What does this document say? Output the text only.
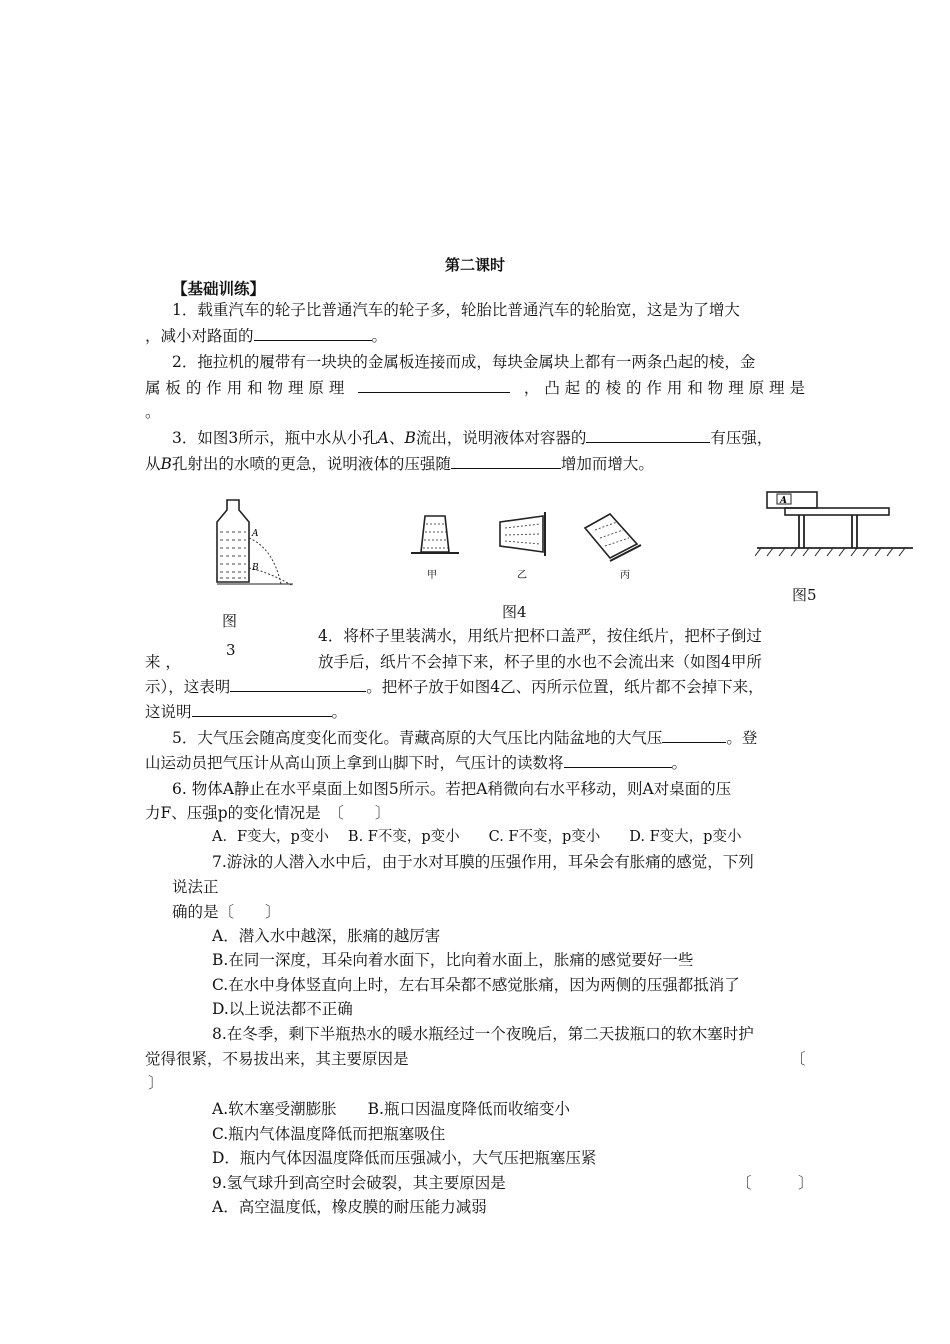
第二课时
【基础训练】
1．载重汽车的轮子比普通汽车的轮子多，轮胎比普通汽车的轮胎宽，这是为了增大
，减小对路面的	。
2．拖拉机的履带有一块块的金属板连接而成，每块金属块上都有一两条凸起的棱，金
属 板 的 作 用 和 物 理 原 理	， 凸 起 的 棱 的 作 用 和 物 理 原 理 是
。
3．如图3所示，瓶中水从小孔A、B流出，说明液体对容器的	有压强，
从B孔射出的水喷的更急，说明液体的压强随	增加而增大。
A
B
图
3
甲	乙	丙
图4
A
图5
4．将杯子里装满水，用纸片把杯口盖严，按住纸片，把杯子倒过
来 ，	放手后，纸片不会掉下来，杯子里的水也不会流出来（如图4甲所
示），这表明	。把杯子放于如图4乙、丙所示位置，纸片都不会掉下来，
这说明	。
5．大气压会随高度变化而变化。青藏高原的大气压比内陆盆地的大气压	。登
山运动员把气压计从高山顶上拿到山脚下时，气压计的读数将	。
6. 物体A静止在水平桌面上如图5所示。若把A稍微向右水平移动，则A对桌面的压
力F、压强p的变化情况是　〔　　〕
A．F变大，p变小　 B. F不变，p变小　　C. F不变，p变小　　D. F变大，p变小
7.游泳的人潜入水中后，由于水对耳膜的压强作用，耳朵会有胀痛的感觉，下列
说法正
确的是〔　　〕
A．潜入水中越深，胀痛的越厉害
B.在同一深度，耳朵向着水面下，比向着水面上，胀痛的感觉要好一些
C.在水中身体竖直向上时，左右耳朵都不感觉胀痛，因为两侧的压强都抵消了
D.以上说法都不正确
8.在冬季，剩下半瓶热水的暖水瓶经过一个夜晚后，第二天拔瓶口的软木塞时护
觉得很紧，不易拔出来，其主要原因是	〔
〕
A.软木塞受潮膨胀　　B.瓶口因温度降低而收缩变小
C.瓶内气体温度降低而把瓶塞吸住
D．瓶内气体因温度降低而压强减小，大气压把瓶塞压紧
9.氢气球升到高空时会破裂，其主要原因是	〔　　　〕
A．高空温度低，橡皮膜的耐压能力减弱
